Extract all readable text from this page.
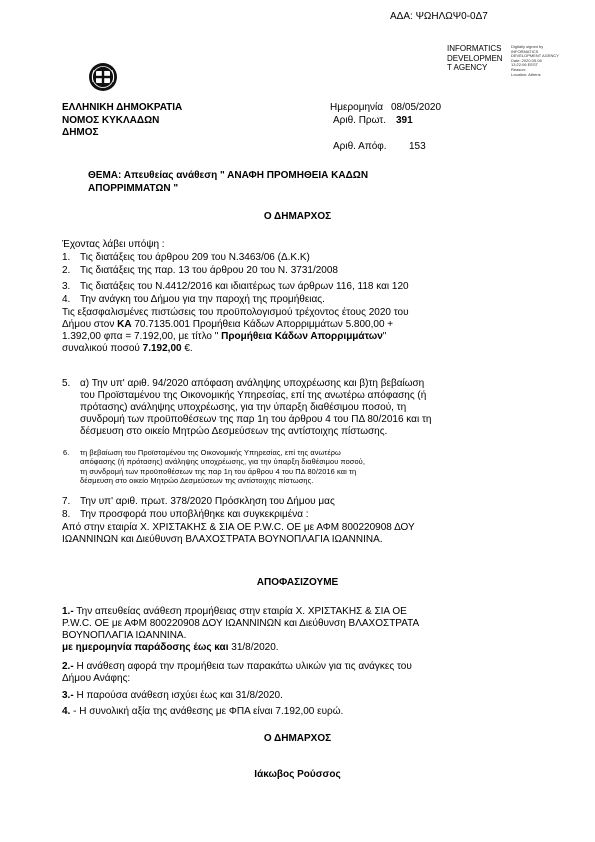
ΑΔΑ: ΨΩΗΛΩΨ0-0Δ7
INFORMATICS
DEVELOPMEN
T AGENCY
Digitally signed by
INFORMATICS
DEVELOPMENT AGENCY
Date: 2020.05.08
13:22:06 EEST
Reason:
Location: Athens
ΕΛΛΗΝΙΚΗ ΔΗΜΟΚΡΑΤΙΑ
ΝΟΜΟΣ ΚΥΚΛΑΔΩΝ
ΔΗΜΟΣ
Ημερομηνία 08/05/2020
Αριθ. Πρωτ. 391
Αριθ. Απόφ. 153
ΘΕΜΑ: Απευθείας ανάθεση " ΑΝΑΦΗ ΠΡΟΜΗΘΕΙΑ ΚΑΔΩΝ
ΑΠΟΡΡΙΜΜΑΤΩΝ "
Ο ΔΗΜΑΡΧΟΣ
Έχοντας λάβει υπόψη :
1. Τις διατάξεις του άρθρου 209 του Ν.3463/06 (Δ.Κ.Κ)
2. Τις διατάξεις της παρ. 13 του άρθρου 20 του Ν. 3731/2008
3. Τις διατάξεις του Ν.4412/2016 και ιδιαιτέρως των άρθρων 116, 118 και 120
4. Την ανάγκη του Δήμου για την παροχή της προμήθειας.
Τις εξασφαλισμένες πιστώσεις του προϋπολογισμού τρέχοντος έτους 2020 του
Δήμου στον ΚΑ 70.7135.001 Προμήθεια Κάδων Απορριμμάτων 5.800,00 +
1.392,00 φπα = 7.192,00, με τίτλο " Προμήθεια Κάδων Απορριμμάτων"
συναλικού ποσού 7.192,00 €.
5. α) Την υπ' αριθ. 94/2020 απόφαση ανάληψης υποχρέωσης και β)τη βεβαίωση
του Προϊσταμένου της Οικονομικής Υπηρεσίας, επί της ανωτέρω απόφασης (ή
πρότασης) ανάληψης υποχρέωσης, για την ύπαρξη διαθέσιμου ποσού, τη
συνδρομή των προϋποθέσεων της παρ 1η του άρθρου 4 του ΠΔ 80/2016 και τη
δέσμευση στο οικείο Μητρώο Δεσμεύσεων της αντίστοιχης πίστωσης.
6. τη βεβαίωση του Προϊσταμένου της Οικονομικής Υπηρεσίας, επί της ανωτέρω
απόφασης (ή πρότασης) ανάληψης υποχρέωσης, για την ύπαρξη διαθέσιμου ποσού,
τη συνδρομή των προϋποθέσεων της παρ 1η του άρθρου 4 του ΠΔ 80/2016 και τη
δέσμευση στο οικείο Μητρώο Δεσμεύσεων της αντίστοιχης πίστωσης.
7. Την υπ' αριθ. πρωτ. 378/2020 Πρόσκληση του Δήμου μας
8. Την προσφορά που υποβλήθηκε και συγκεκριμένα :
Από στην εταιρία Χ. ΧΡΙΣΤΑΚΗΣ & ΣΙΑ ΟΕ P.W.C. ΟΕ με ΑΦΜ 800220908 ΔΟΥ
ΙΩΑΝΝΙΝΩΝ και Διεύθυνση ΒΛΑΧΟΣΤΡΑΤΑ ΒΟΥΝΟΠΛΑΓΙΑ ΙΩΑΝΝΙΝΑ.
ΑΠΟΦΑΣΙΖΟΥΜΕ
1.- Την απευθείας ανάθεση προμήθειας στην εταιρία Χ. ΧΡΙΣΤΑΚΗΣ & ΣΙΑ ΟΕ
P.W.C. ΟΕ με ΑΦΜ 800220908 ΔΟΥ ΙΩΑΝΝΙΝΩΝ και Διεύθυνση ΒΛΑΧΟΣΤΡΑΤΑ
ΒΟΥΝΟΠΛΑΓΙΑ ΙΩΑΝΝΙΝΑ.
με ημερομηνία παράδοσης έως και 31/8/2020.
2.- Η ανάθεση αφορά την προμήθεια των παρακάτω υλικών για τις ανάγκες του
Δήμου Ανάφης:
3.- Η παρούσα ανάθεση ισχύει έως και 31/8/2020.
4. - Η συνολική αξία της ανάθεσης με ΦΠΑ είναι 7.192,00 ευρώ.
Ο ΔΗΜΑΡΧΟΣ
Ιάκωβος Ρούσσος
